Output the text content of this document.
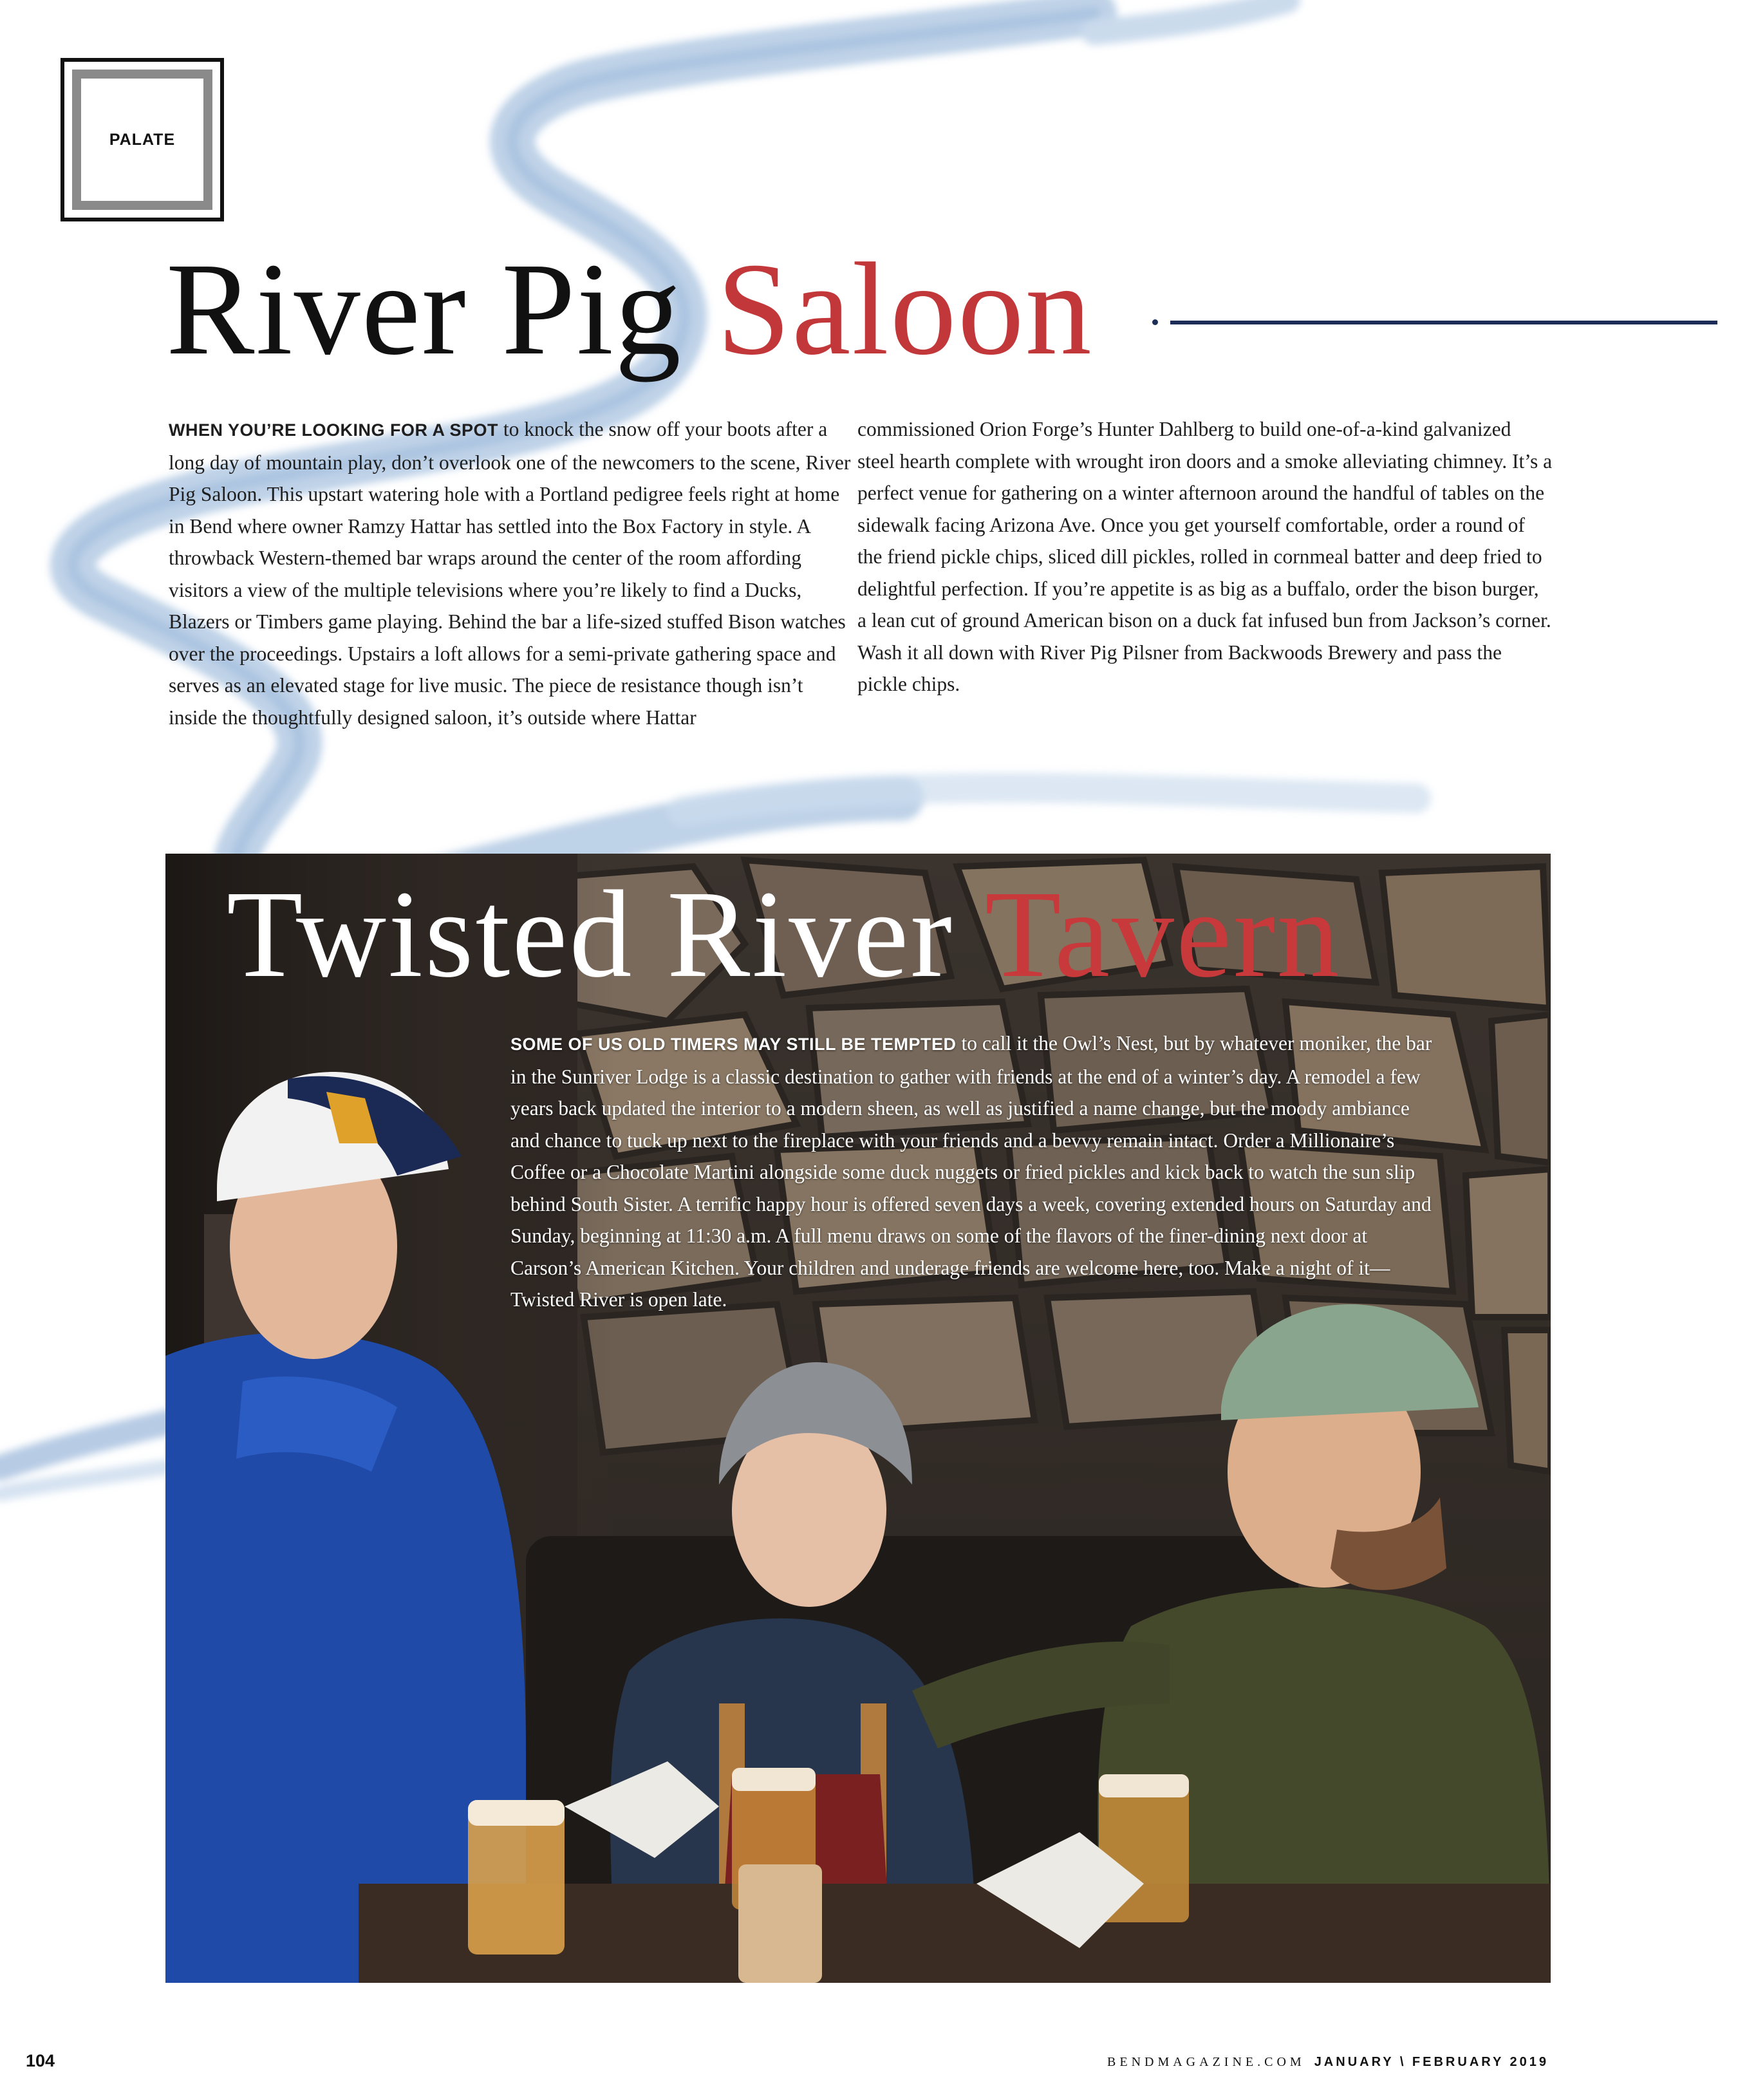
PALATE
River Pig Saloon

WHEN YOU’RE LOOKING FOR A SPOT to knock the snow off your boots after a long day of mountain play, don’t overlook one of the newcomers to the scene, River Pig Saloon. This upstart watering hole with a Portland pedigree feels right at home in Bend where owner Ramzy Hattar has settled into the Box Factory in style. A throwback Western-themed bar wraps around the center of the room affording visitors a view of the multiple televisions where you’re likely to find a Ducks, Blazers or Timbers game playing. Behind the bar a life-sized stuffed Bison watches over the proceedings. Upstairs a loft allows for a semi-private gathering space and serves as an elevated stage for live music. The piece de resistance though isn’t inside the thoughtfully designed saloon, it’s outside where Hattar

commissioned Orion Forge’s Hunter Dahlberg to build one-of-a-kind galvanized steel hearth complete with wrought iron doors and a smoke alleviating chimney. It’s a perfect venue for gathering on a winter afternoon around the handful of tables on the sidewalk facing Arizona Ave. Once you get yourself comfortable, order a round of the friend pickle chips, sliced dill pickles, rolled in cornmeal batter and deep fried to delightful perfection. If you’re appetite is as big as a buffalo, order the bison burger, a lean cut of ground American bison on a duck fat infused bun from Jackson’s corner. Wash it all down with River Pig Pilsner from Backwoods Brewery and pass the pickle chips.

Twisted River Tavern

SOME OF US OLD TIMERS MAY STILL BE TEMPTED to call it the Owl’s Nest, but by whatever moniker, the bar in the Sunriver Lodge is a classic destination to gather with friends at the end of a winter’s day. A remodel a few years back updated the interior to a modern sheen, as well as justified a name change, but the moody ambiance and chance to tuck up next to the fireplace with your friends and a bevvy remain intact. Order a Millionaire’s Coffee or a Chocolate Martini alongside some duck nuggets or fried pickles and kick back to watch the sun slip behind South Sister. A terrific happy hour is offered seven days a week, covering extended hours on Saturday and Sunday, beginning at 11:30 a.m. A full menu draws on some of the flavors of the finer-dining next door at Carson’s American Kitchen. Your children and underage friends are welcome here, too. Make a night of it—Twisted River is open late.

104	BENDMAGAZINE.COM JANUARY \ FEBRUARY 2019
